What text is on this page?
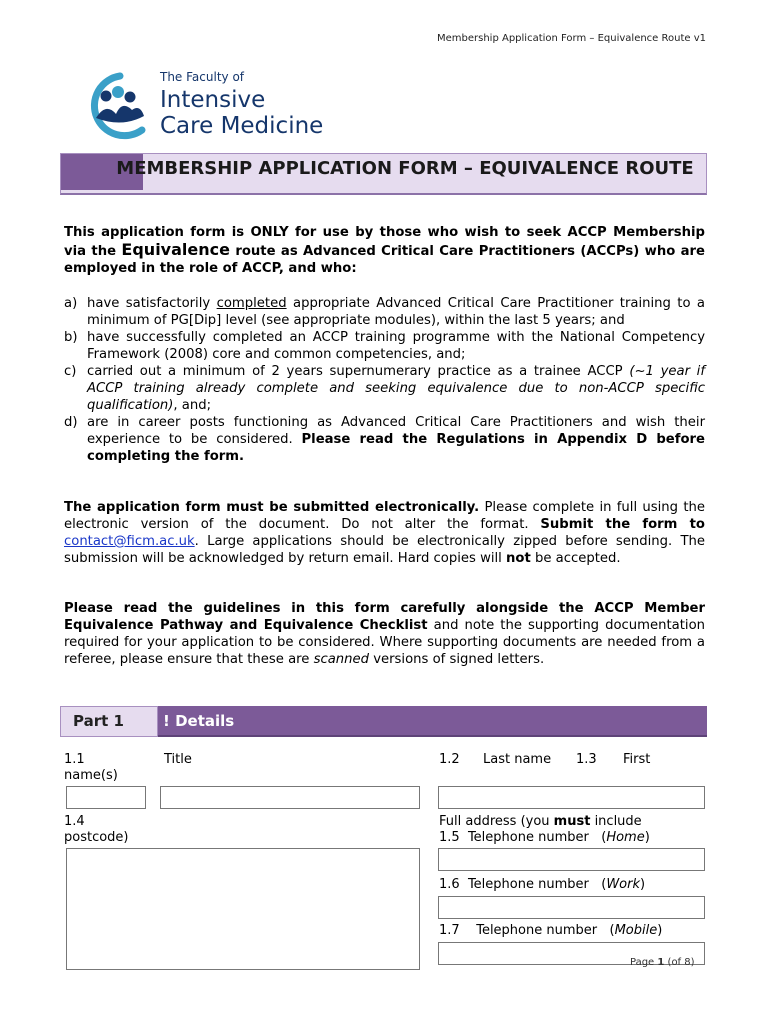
Membership Application Form – Equivalence Route v1
The Faculty of
Intensive
Care Medicine
MEMBERSHIP APPLICATION FORM – EQUIVALENCE ROUTE
This application form is ONLY for use by those who wish to seek ACCP Membership via the Equivalence route as Advanced Critical Care Practitioners (ACCPs) who are employed in the role of ACCP, and who:
a) have satisfactorily completed appropriate Advanced Critical Care Practitioner training to a minimum of PG[Dip] level (see appropriate modules), within the last 5 years; and
b) have successfully completed an ACCP training programme with the National Competency Framework (2008) core and common competencies, and;
c) carried out a minimum of 2 years supernumerary practice as a trainee ACCP (~1 year if ACCP training already complete and seeking equivalence due to non-ACCP specific qualification), and;
d) are in career posts functioning as Advanced Critical Care Practitioners and wish their experience to be considered. Please read the Regulations in Appendix D before completing the form.
The application form must be submitted electronically. Please complete in full using the electronic version of the document. Do not alter the format. Submit the form to contact@ficm.ac.uk. Large applications should be electronically zipped before sending. The submission will be acknowledged by return email. Hard copies will not be accepted.
Please read the guidelines in this form carefully alongside the ACCP Member Equivalence Pathway and Equivalence Checklist and note the supporting documentation required for your application to be considered. Where supporting documents are needed from a referee, please ensure that these are scanned versions of signed letters.
Part 1	! Details
1.1	Title
name(s)
1.2 Last name 1.3 First
1.4
postcode)
Full address (you must include
1.5 Telephone number   (Home)
1.6 Telephone number   (Work)
1.7 Telephone number   (Mobile)
Page 1 (of 8)
